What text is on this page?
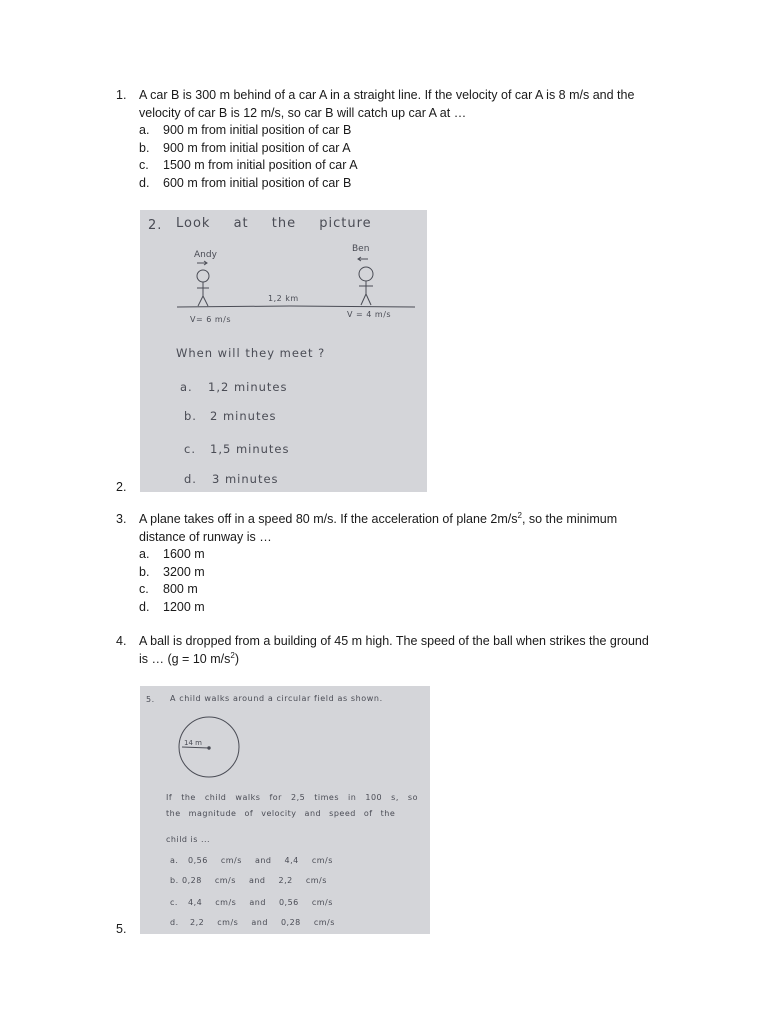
1. A car B is 300 m behind of a car A in a straight line. If the velocity of car A is 8 m/s and the
velocity of car B is 12 m/s, so car B will catch up car A at …
a. 900 m from initial position of car B
b. 900 m from initial position of car A
c. 1500 m from initial position of car A
d. 600 m from initial position of car B
2. Look at the picture
Andy
Ben
1,2 km
V= 6 m/s
V = 4 m/s
When will they meet ?
a. 1,2 minutes
b. 2 minutes
c. 1,5 minutes
d. 3 minutes
2.
3. A plane takes off in a speed 80 m/s. If the acceleration of plane $2m/s^2$, so the minimum
distance of runway is …
a. 1600 m
b. 3200 m
c. 800 m
d. 1200 m
4. A ball is dropped from a building of 45 m high. The speed of the ball when strikes the ground
is … (g = 10 $m/s^2$)
5. A child walks around a circular field as shown.
14 m
If the child walks for 2,5 times in 100 s, so
the magnitude of velocity and speed of the
child is ...
a. 0,56 cm/s and 4,4 cm/s
b. 0,28 cm/s and 2,2 cm/s
c. 4,4 cm/s and 0,56 cm/s
d. 2,2 cm/s and 0,28 cm/s
5.
